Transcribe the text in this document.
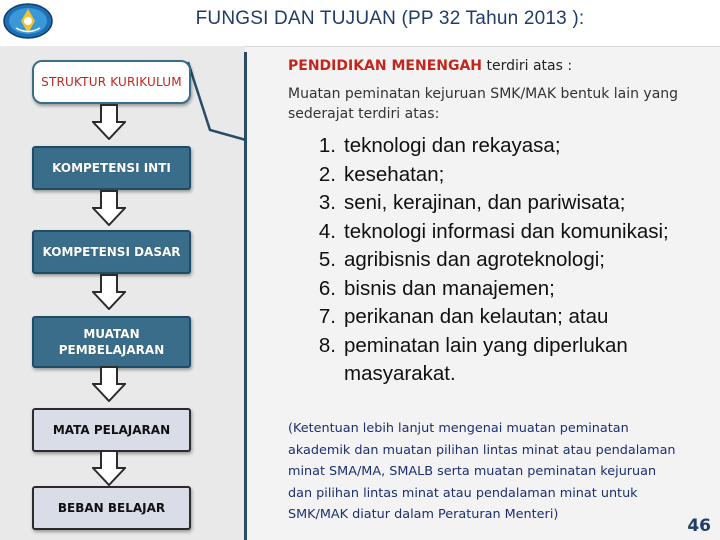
FUNGSI DAN TUJUAN (PP 32 Tahun 2013 ):
STRUKTUR KURIKULUM
KOMPETENSI INTI
KOMPETENSI DASAR
MUATAN PEMBELAJARAN
MATA PELAJARAN
BEBAN BELAJAR
PENDIDIKAN MENENGAH terdiri atas :
Muatan peminatan kejuruan SMK/MAK bentuk lain yang sederajat terdiri atas:
1. teknologi dan rekayasa;
2. kesehatan;
3. seni, kerajinan, dan pariwisata;
4. teknologi informasi dan komunikasi;
5. agribisnis dan agroteknologi;
6. bisnis dan manajemen;
7. perikanan dan kelautan; atau
8. peminatan lain yang diperlukan masyarakat.
(Ketentuan lebih lanjut mengenai muatan peminatan akademik dan muatan pilihan lintas minat atau pendalaman minat SMA/MA, SMALB serta muatan peminatan kejuruan dan pilihan lintas minat atau pendalaman minat untuk SMK/MAK diatur dalam Peraturan Menteri)
46
